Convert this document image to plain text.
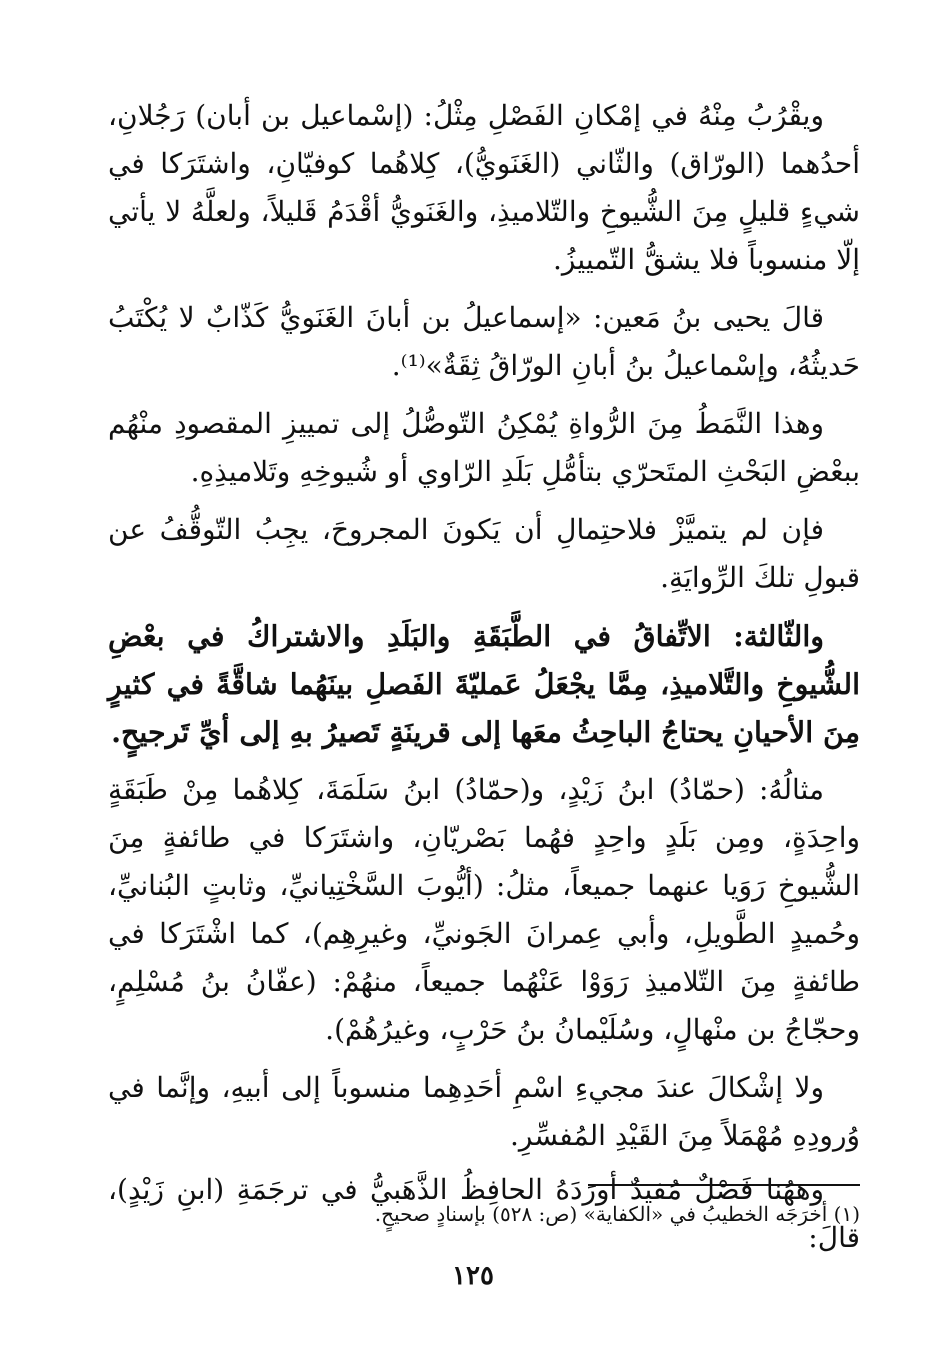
ويقْرُبُ مِنْهُ في إمْكانِ الفَصْلِ مِثْلُ: (إسْماعيل بن أبان) رَجُلانِ، أحدُهما (الورّاق) والثّاني (الغَنَويُّ)، كِلاهُما كوفيّانِ، واشتَرَكا في شيءٍ قليلٍ مِنَ الشُّيوخِ والتّلاميذِ، والغَنَويُّ أقْدَمُ قَليلاً، ولعلَّهُ لا يأتي إلّا منسوباً فلا يشقُّ التّمييزُ.

قالَ يحيى بنُ مَعين: «إسماعيلُ بن أبانَ الغَنَويُّ كَذّابٌ لا يُكْتَبُ حَديثُهُ، وإسْماعيلُ بنُ أبانِ الورّاقُ ثِقَةٌ»⁽¹⁾.

وهذا النَّمَطُ مِنَ الرُّواةِ يُمْكِنُ التّوصُّلُ إلى تمييزِ المقصودِ منْهُم ببعْضِ البَحْثِ المتَحرّي بتأمُّلِ بَلَدِ الرّاوي أو شُيوخِهِ وتَلاميذِهِ.

فإن لم يتميَّزْ فلاحتِمالِ أن يَكونَ المجروحَ، يجِبُ التّوقُّفُ عن قبولِ تلكَ الرِّوايَةِ.

والثّالثة: الاتِّفاقُ في الطَّبَقَةِ والبَلَدِ والاشتراكُ في بعْضِ الشُّيوخِ والتَّلاميذِ، مِمَّا يجْعَلُ عَمليّةَ الفَصلِ بينَهُما شاقَّةً في كثيرٍ مِنَ الأحيانِ يحتاجُ الباحِثُ معَها إلى قرينَةٍ تَصيرُ بهِ إلى أيِّ تَرجيحٍ.

مثالُهُ: (حمّادُ) ابنُ زَيْدٍ، و(حمّادُ) ابنُ سَلَمَةَ، كِلاهُما مِنْ طَبَقَةٍ واحِدَةٍ، ومِن بَلَدٍ واحِدٍ فهُما بَصْريّانِ، واشتَرَكا في طائفةٍ مِنَ الشُّيوخِ رَوَيا عنهما جميعاً، مثلُ: (أيُّوبَ السَّخْتِيانيِّ، وثابتٍ البُنانيِّ، وحُميدٍ الطَّويلِ، وأبي عِمرانَ الجَونيِّ، وغيرِهِم)، كما اشْتَرَكا في طائفةٍ مِنَ التّلاميذِ رَوَوْا عَنْهُما جميعاً، منهُمْ: (عفّانُ بنُ مُسْلِمٍ، وحجّاجُ بن منْهالٍ، وسُلَيْمانُ بنُ حَرْبٍ، وغيرُهُمْ).

ولا إشْكالَ عندَ مجيءِ اسْمِ أحَدِهِما منسوباً إلى أبيهِ، وإنَّما في وُرودِهِ مُهْمَلاً مِنَ القَيْدِ المُفسِّرِ.

وههُنا فَصْلٌ مُفيدٌ أورَدَهُ الحافِظُ الذَّهَبيُّ في ترجَمَةِ (ابنِ زَيْدٍ)، قالَ:

(١) أخرَجَه الخطيبُ في «الكفاية» (ص: ٥٢٨) بإسنادٍ صحيحٍ.
١٢٥
